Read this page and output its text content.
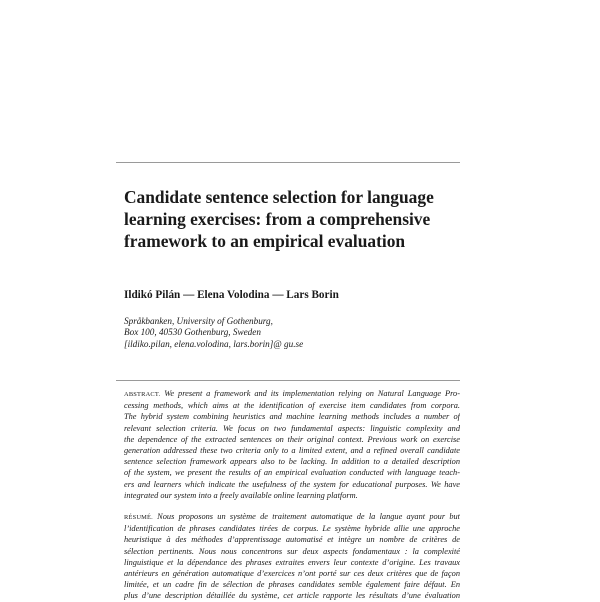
Candidate sentence selection for language
learning exercises: from a comprehensive
framework to an empirical evaluation
Ildikó Pilán — Elena Volodina — Lars Borin
Språkbanken, University of Gothenburg,
Box 100, 40530 Gothenburg, Sweden
[ildiko.pilan, elena.volodina, lars.borin]@ gu.se
ABSTRACT. We present a framework and its implementation relying on Natural Language Pro-
cessing methods, which aims at the identification of exercise item candidates from corpora.
The hybrid system combining heuristics and machine learning methods includes a number of
relevant selection criteria. We focus on two fundamental aspects: linguistic complexity and
the dependence of the extracted sentences on their original context. Previous work on exercise
generation addressed these two criteria only to a limited extent, and a refined overall candidate
sentence selection framework appears also to be lacking. In addition to a detailed description
of the system, we present the results of an empirical evaluation conducted with language teach-
ers and learners which indicate the usefulness of the system for educational purposes. We have
integrated our system into a freely available online learning platform.
RÉSUMÉ. Nous proposons un système de traitement automatique de la langue ayant pour but
l’identification de phrases candidates tirées de corpus. Le système hybride allie une approche
heuristique à des méthodes d’apprentissage automatisé et intègre un nombre de critères de
sélection pertinents. Nous nous concentrons sur deux aspects fondamentaux : la complexité
linguistique et la dépendance des phrases extraites envers leur contexte d’origine. Les travaux
antérieurs en génération automatique d’exercices n’ont porté sur ces deux critères que de façon
limitée, et un cadre fin de sélection de phrases candidates semble également faire défaut. En
plus d’une description détaillée du système, cet article rapporte les résultats d’une évaluation
